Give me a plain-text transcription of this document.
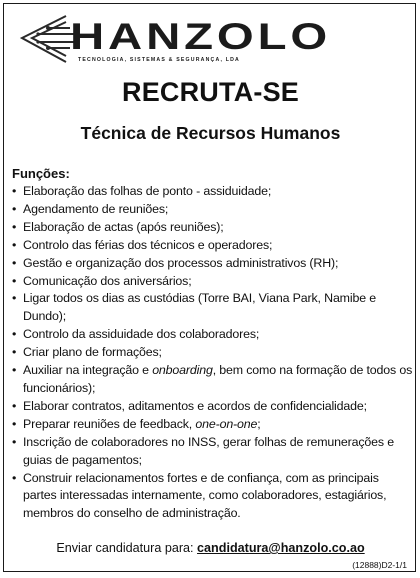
HANZOLO
TECNOLOGIA, SISTEMAS & SEGURANÇA, LDA
RECRUTA-SE
Técnica de Recursos Humanos
Funções:
• Elaboração das folhas de ponto - assiduidade;
• Agendamento de reuniões;
• Elaboração de actas (após reuniões);
• Controlo das férias dos técnicos e operadores;
• Gestão e organização dos processos administrativos (RH);
• Comunicação dos aniversários;
• Ligar todos os dias as custódias (Torre BAI, Viana Park, Namibe e Dundo);
• Controlo da assiduidade dos colaboradores;
• Criar plano de formações;
• Auxiliar na integração e onboarding, bem como na formação de todos os funcionários);
• Elaborar contratos, aditamentos e acordos de confidencialidade;
• Preparar reuniões de feedback, one-on-one;
• Inscrição de colaboradores no INSS, gerar folhas de remunerações e guias de pagamentos;
• Construir relacionamentos fortes e de confiança, com as principais partes interessadas internamente, como colaboradores, estagiários, membros do conselho de administração.
Enviar candidatura para: candidatura@hanzolo.co.ao
(12888)D2-1/1
